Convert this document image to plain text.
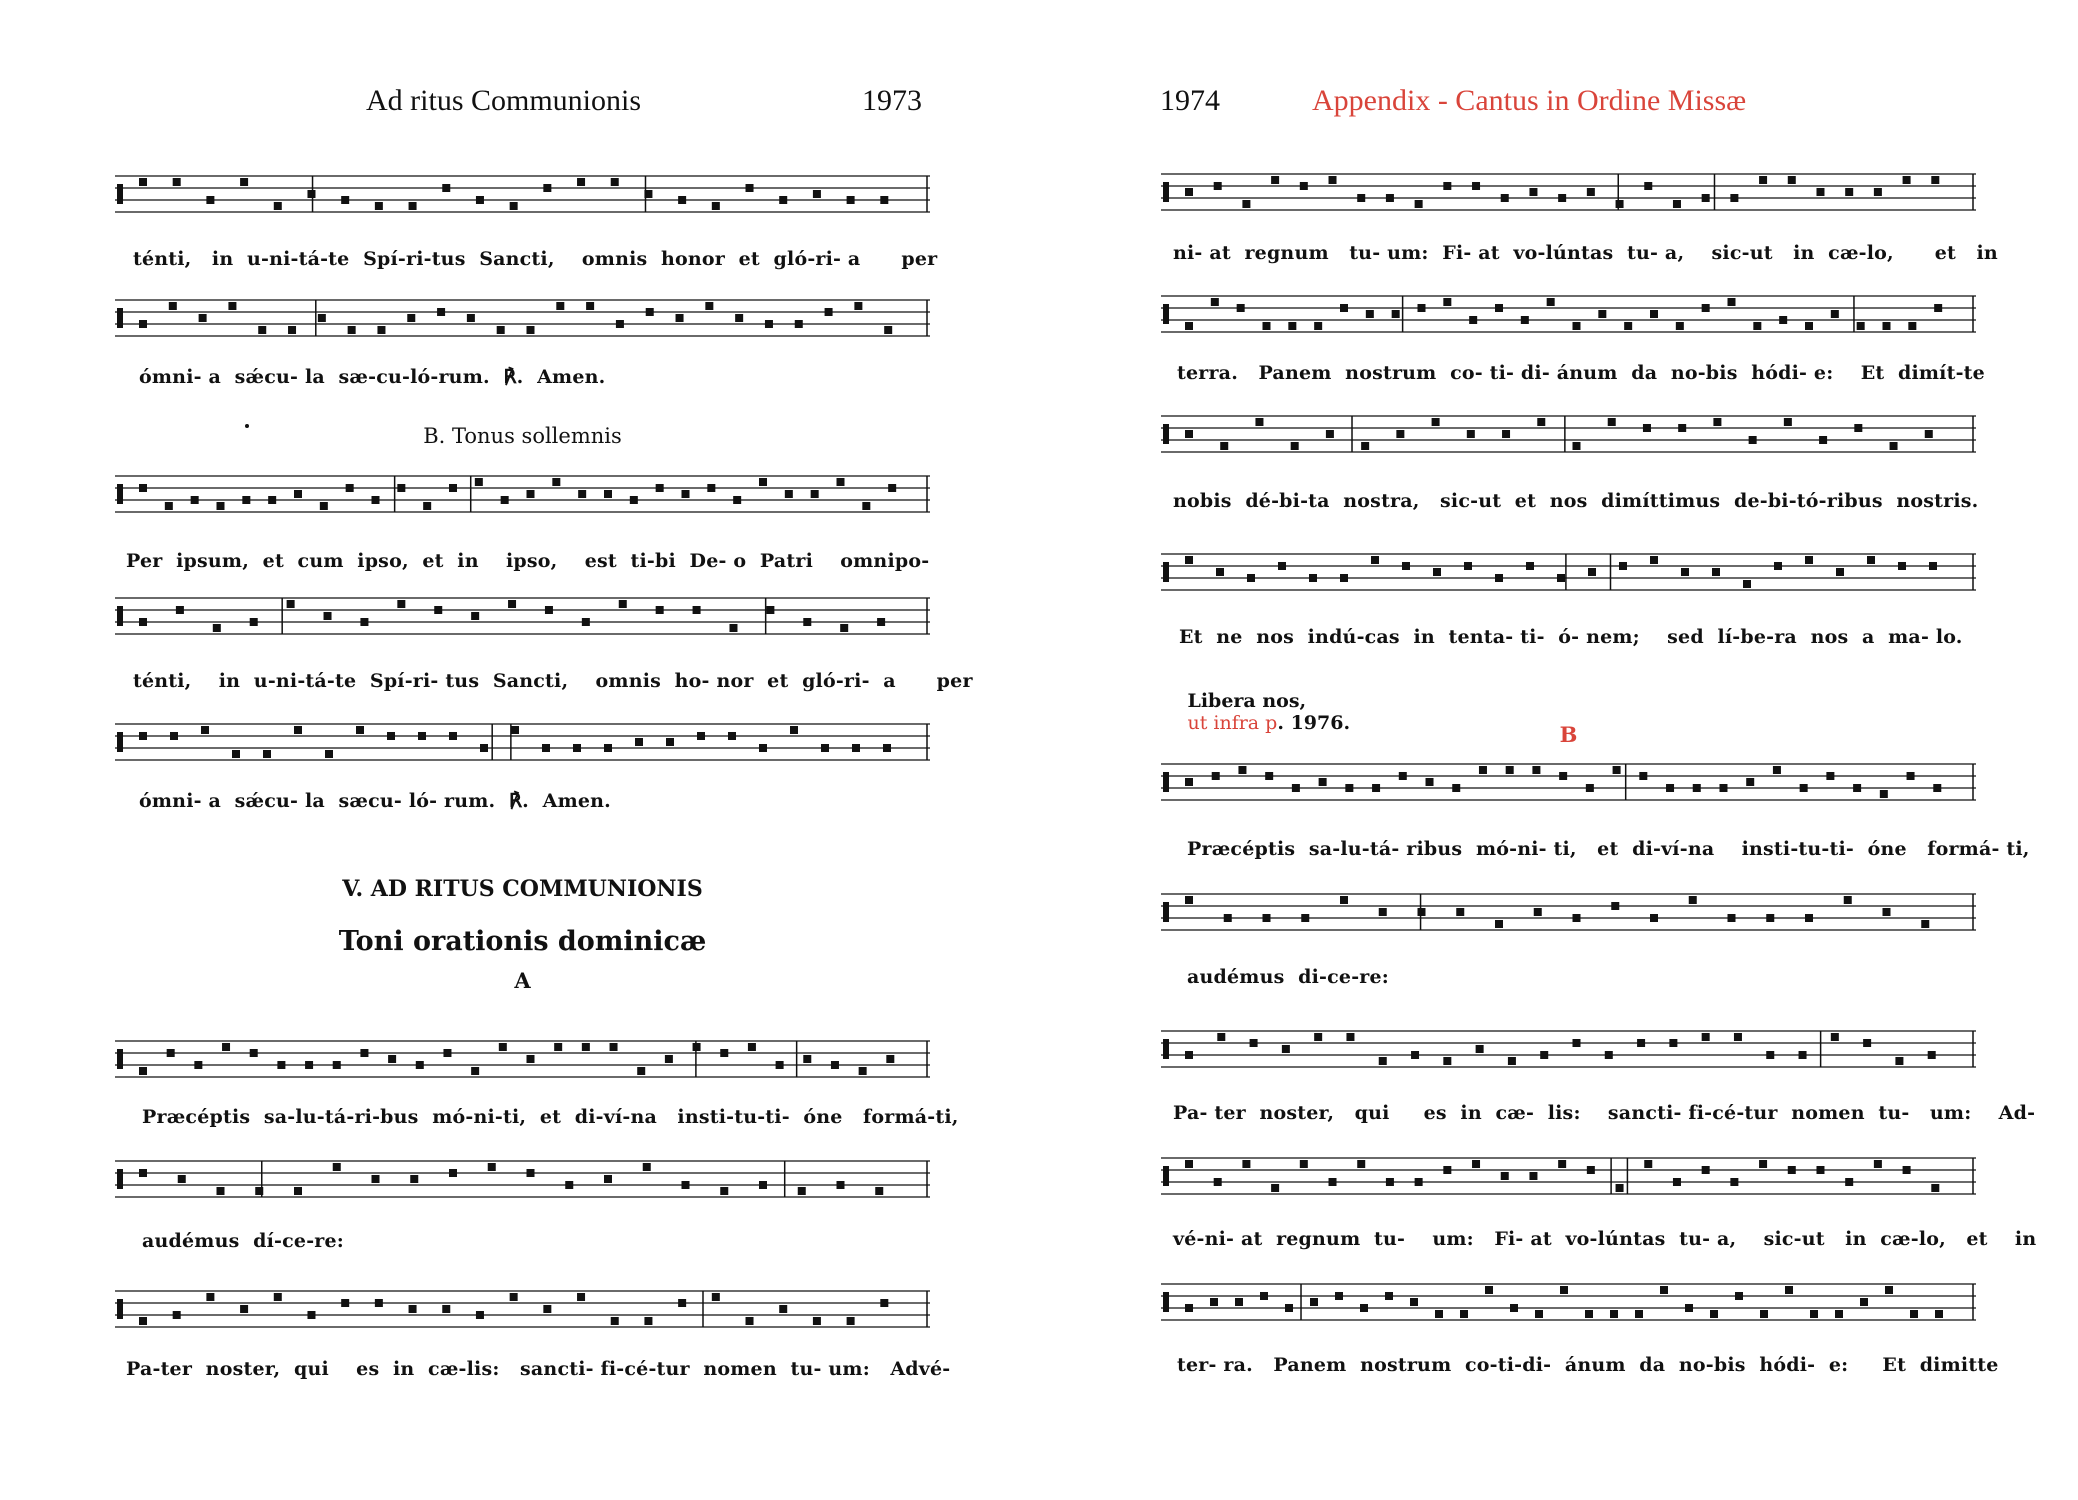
Ad ritus Communionis	1973
ténti,   in  u-ni-tá-te  Spí-ri-tus  Sancti,    omnis  honor  et  gló-ri- a      per
ómni- a  sǽcu- la  sæ-cu-ló-rum.  ℟.  Amen.
B. Tonus sollemnis
Per  ipsum,  et  cum  ipso,  et  in    ipso,    est  ti-bi  De- o  Patri    omnipo-
ténti,    in  u-ni-tá-te  Spí-ri- tus  Sancti,    omnis  ho- nor  et  gló-ri-  a      per
ómni- a  sǽcu- la  sæcu- ló- rum.  ℟.  Amen.
V. AD RITUS COMMUNIONIS
Toni orationis dominicæ
A
Præcéptis  sa-lu-tá-ri-bus  mó-ni-ti,  et  di-ví-na   insti-tu-ti-  óne   formá-ti,
audémus  dí-ce-re:
Pa-ter  noster,  qui    es  in  cæ-lis:   sancti- fi-cé-tur  nomen  tu- um:   Advé-
1974	Appendix - Cantus in Ordine Missæ
ni- at  regnum   tu- um:  Fi- at  vo-lúntas  tu- a,    sic-ut   in  cæ-lo,      et   in
terra.   Panem  nostrum  co- ti- di- ánum  da  no-bis  hódi- e:    Et  dimít-te
nobis  dé-bi-ta  nostra,   sic-ut  et  nos  dimíttimus  de-bi-tó-ribus  nostris.
Et  ne  nos  indú-cas  in  tenta- ti-  ó- nem;    sed  lí-be-ra  nos  a  ma- lo.

Libera nos,
ut infra p. 1976.
	B
Præcéptis  sa-lu-tá- ribus  mó-ni- ti,   et  di-ví-na    insti-tu-ti-  óne   formá- ti,
audémus  di-ce-re:
Pa- ter  noster,   qui     es  in  cæ-  lis:    sancti- fi-cé-tur  nomen  tu-   um:    Ad-
vé-ni- at  regnum  tu-    um:   Fi- at  vo-lúntas  tu- a,    sic-ut   in  cæ-lo,   et    in
ter- ra.   Panem  nostrum  co-ti-di-  ánum  da  no-bis  hódi-  e:     Et  dimitte
